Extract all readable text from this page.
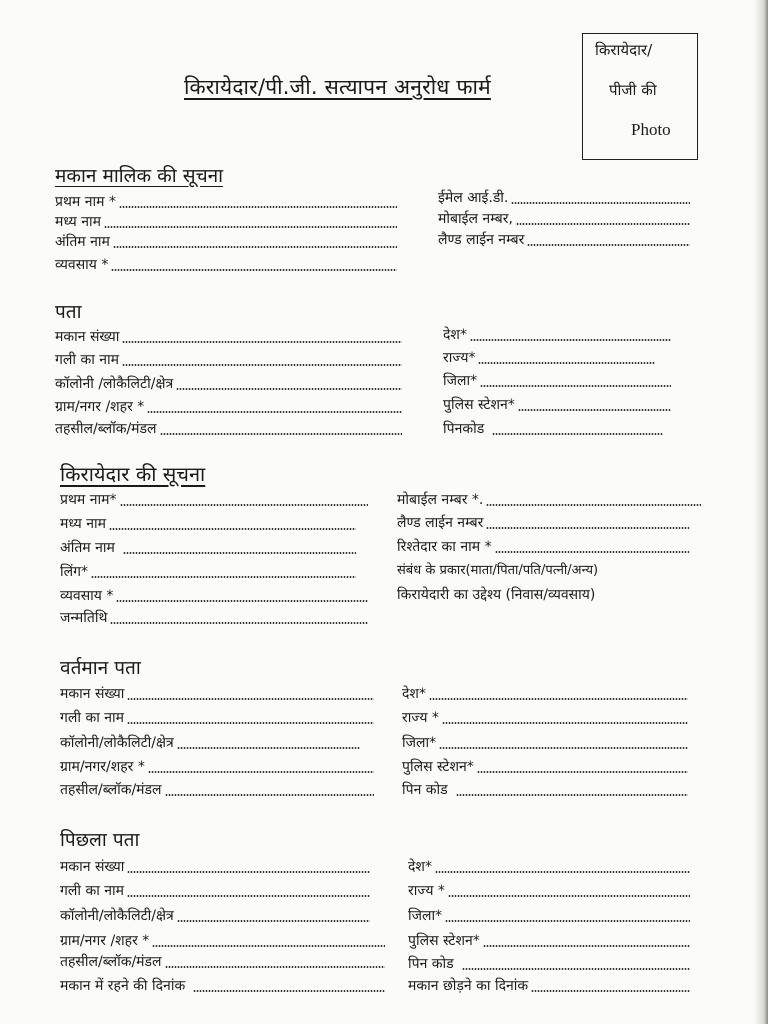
किरायेदार/पी.जी. सत्यापन अनुरोध फार्म
किरायेदार/
पीजी की
Photo
मकान मालिक की सूचना
प्रथम नाम *
मध्य नाम
अंतिम नाम
व्यवसाय *
ईमेल आई.डी.
मोबाईल नम्बर,
लैण्ड लाईन नम्बर
पता
मकान संख्या
गली का नाम
कॉलोनी /लोकैलिटी/क्षेत्र
ग्राम/नगर /शहर *
तहसील/ब्लॉक/मंडल
देश*
राज्य*
जिला*
पुलिस स्टेशन*
पिनकोड
किरायेदार की सूचना
प्रथम नाम*
मध्य नाम
अंतिम नाम
लिंग*
व्यवसाय *
जन्मतिथि
मोबाईल नम्बर *.
लैण्ड लाईन नम्बर
रिश्तेदार का नाम *
संबंध के प्रकार(माता/पिता/पति/पत्नी/अन्य)
किरायेदारी का उद्देश्य (निवास/व्यवसाय)
वर्तमान पता
मकान संख्या
गली का नाम
कॉलोनी/लोकैलिटी/क्षेत्र
ग्राम/नगर/शहर *
तहसील/ब्लॉक/मंडल
देश*
राज्य *
जिला*
पुलिस स्टेशन*
पिन कोड
पिछला पता
मकान संख्या
गली का नाम
कॉलोनी/लोकैलिटी/क्षेत्र
ग्राम/नगर /शहर *
तहसील/ब्लॉक/मंडल
मकान में रहने की दिनांक
देश*
राज्य *
जिला*
पुलिस स्टेशन*
पिन कोड
मकान छोड़ने का दिनांक
